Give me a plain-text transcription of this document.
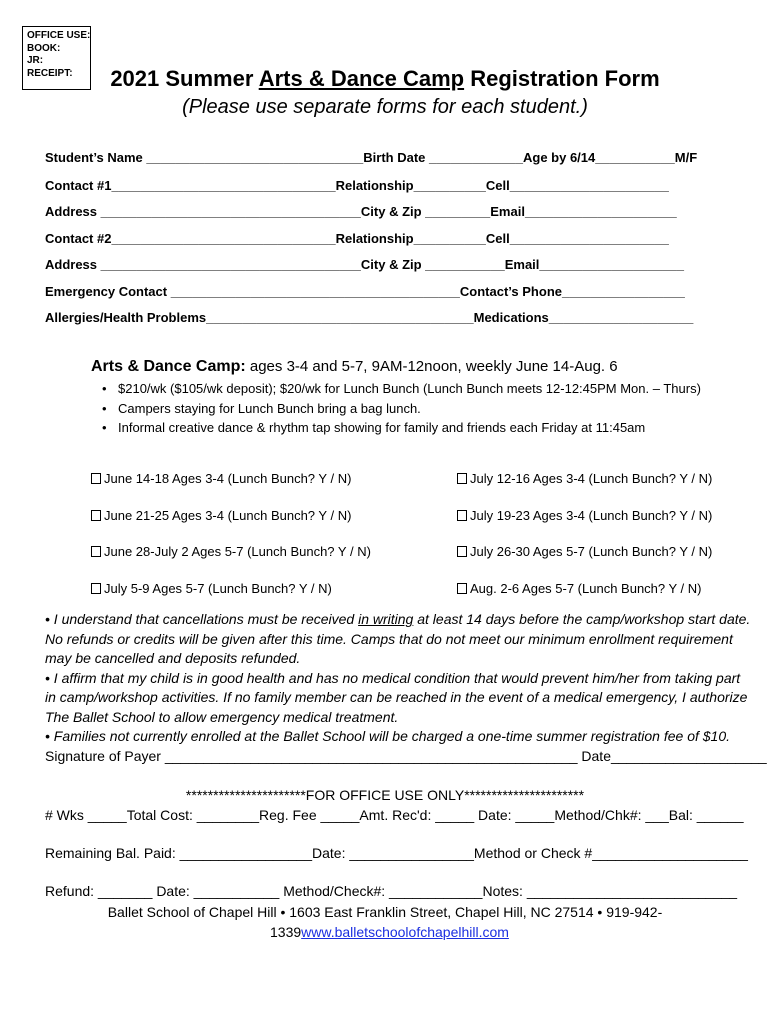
OFFICE USE:
BOOK:
JR:
RECEIPT:	2021 Summer Arts & Dance Camp Registration Form
(Please use separate forms for each student.)
Student’s Name ______________________________Birth Date _____________Age by 6/14___________M/F
Contact #1_______________________________Relationship__________Cell______________________
Address ____________________________________City & Zip _________Email_____________________
Contact #2_______________________________Relationship__________Cell______________________
Address ____________________________________City & Zip ___________Email____________________
Emergency Contact ________________________________________Contact’s Phone_________________
Allergies/Health Problems_____________________________________Medications____________________
Arts & Dance Camp: ages 3-4 and 5-7, 9AM-12noon, weekly June 14-Aug. 6
• $210/wk ($105/wk deposit); $20/wk for Lunch Bunch (Lunch Bunch meets 12-12:45PM Mon. – Thurs)
• Campers staying for Lunch Bunch bring a bag lunch.
• Informal creative dance & rhythm tap showing for family and friends each Friday at 11:45am
June 14-18 Ages 3-4 (Lunch Bunch? Y / N)
June 21-25 Ages 3-4 (Lunch Bunch? Y / N)
June 28-July 2 Ages 5-7 (Lunch Bunch? Y / N)
July 5-9 Ages 5-7 (Lunch Bunch? Y / N)
July 12-16 Ages 3-4 (Lunch Bunch? Y / N)
July 19-23 Ages 3-4 (Lunch Bunch? Y / N)
July 26-30 Ages 5-7 (Lunch Bunch? Y / N)
Aug. 2-6 Ages 5-7 (Lunch Bunch? Y / N)
• I understand that cancellations must be received in writing at least 14 days before the camp/workshop start date.
No refunds or credits will be given after this time. Camps that do not meet our minimum enrollment requirement
may be cancelled and deposits refunded.
• I affirm that my child is in good health and has no medical condition that would prevent him/her from taking part
in camp/workshop activities. If no family member can be reached in the event of a medical emergency, I authorize
The Ballet School to allow emergency medical treatment.
• Families not currently enrolled at the Ballet School will be charged a one-time summer registration fee of $10.
Signature of Payer _____________________________________________________ Date____________________
**********************FOR OFFICE USE ONLY**********************
# Wks _____Total Cost: ________Reg. Fee _____Amt. Rec'd: _____ Date: _____Method/Chk#: ___Bal: ______
Remaining Bal. Paid: _________________Date: ________________Method or Check #____________________
Refund: _______ Date: ___________ Method/Check#: ____________Notes: ___________________________
Ballet School of Chapel Hill • 1603 East Franklin Street, Chapel Hill, NC 27514 • 919-942-
1339www.balletschoolofchapelhill.com
